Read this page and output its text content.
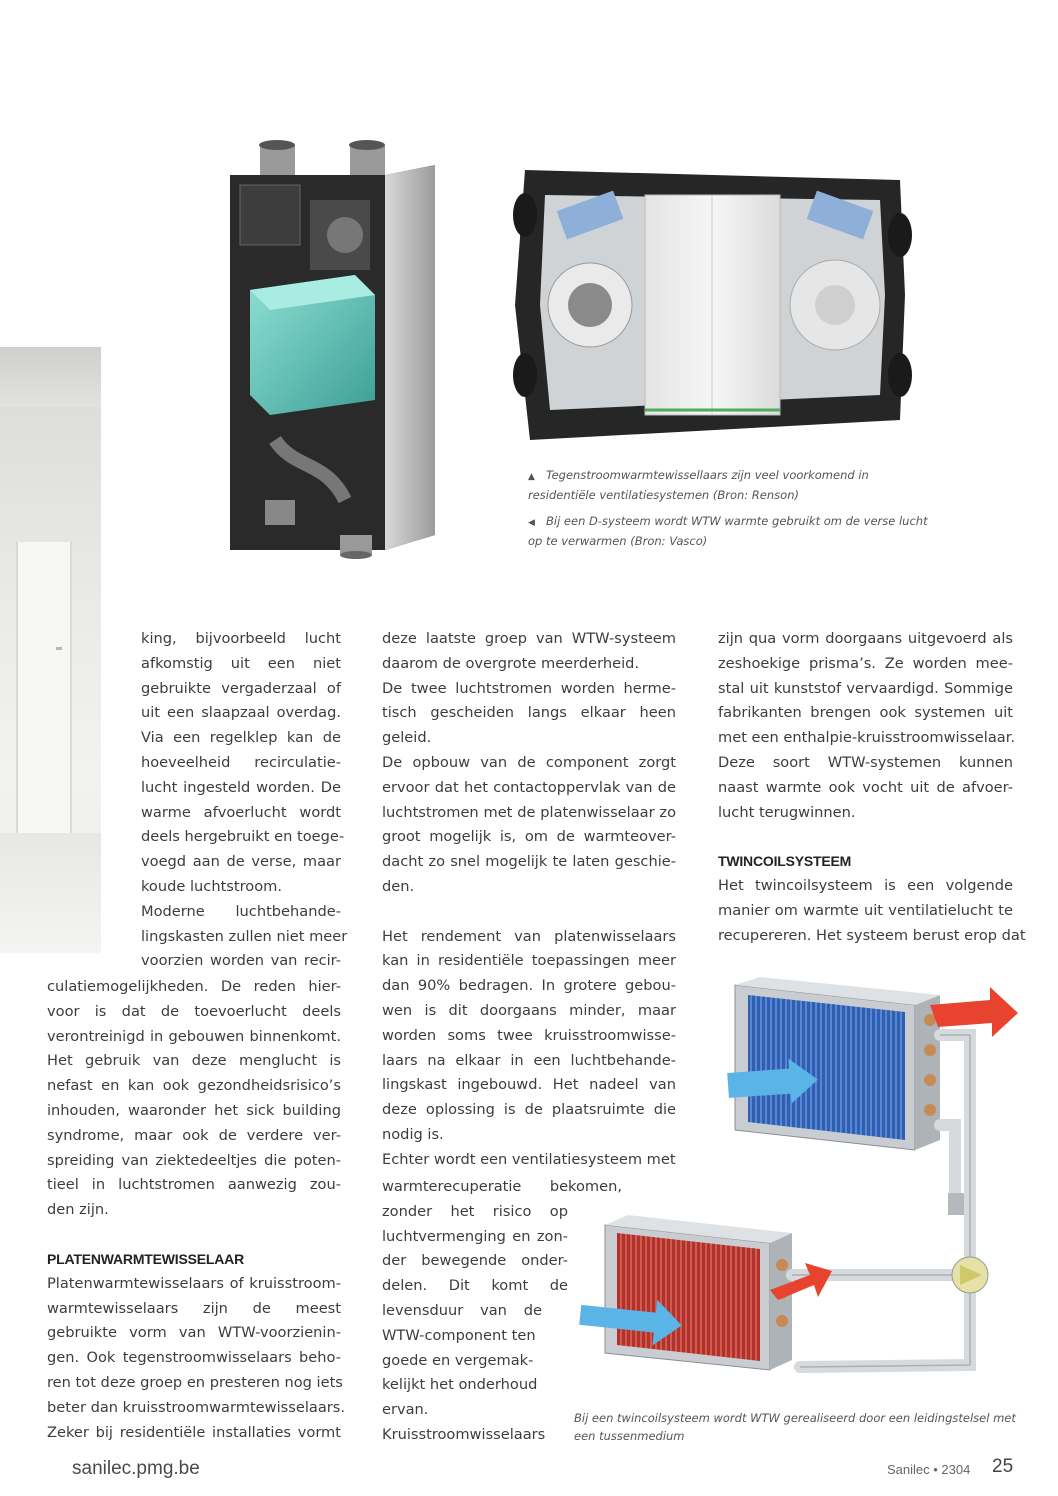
▲ Tegenstroomwarmtewissellaars zijn veel voorkomend in residentiële ventilatiesystemen (Bron: Renson)
◀ Bij een D-systeem wordt WTW warmte gebruikt om de verse lucht op te verwarmen (Bron: Vasco)
king, bijvoorbeeld lucht
afkomstig uit een niet
gebruikte vergaderzaal of
uit een slaapzaal overdag.
Via een regelklep kan de
hoeveelheid recirculatie-
lucht ingesteld worden. De
warme afvoerlucht wordt
deels hergebruikt en toege-
voegd aan de verse, maar
koude luchtstroom.
Moderne luchtbehande-
lingskasten zullen niet meer
voorzien worden van recir-
culatiemogelijkheden. De reden hier-
voor is dat de toevoerlucht deels
verontreinigd in gebouwen binnenkomt.
Het gebruik van deze menglucht is
nefast en kan ook gezondheidsrisico’s
inhouden, waaronder het sick building
syndrome, maar ook de verdere ver-
spreiding van ziektedeeltjes die poten-
tieel in luchtstromen aanwezig zou-
den zijn.
PLATENWARMTEWISSELAAR
Platenwarmtewisselaars of kruisstroom-
warmtewisselaars zijn de meest
gebruikte vorm van WTW-voorzienin-
gen. Ook tegenstroomwisselaars beho-
ren tot deze groep en presteren nog iets
beter dan kruisstroomwarmtewisselaars.
Zeker bij residentiële installaties vormt
deze laatste groep van WTW-systeem
daarom de overgrote meerderheid.
De twee luchtstromen worden herme-
tisch gescheiden langs elkaar heen
geleid.
De opbouw van de component zorgt
ervoor dat het contactoppervlak van de
luchtstromen met de platenwisselaar zo
groot mogelijk is, om de warmteover-
dacht zo snel mogelijk te laten geschie-
den.
Het rendement van platenwisselaars
kan in residentiële toepassingen meer
dan 90% bedragen. In grotere gebou-
wen is dit doorgaans minder, maar
worden soms twee kruisstroomwisse-
laars na elkaar in een luchtbehande-
lingskast ingebouwd. Het nadeel van
deze oplossing is de plaatsruimte die
nodig is.
Echter wordt een ventilatiesysteem met
warmterecuperatie bekomen,
zonder het risico op
luchtvermenging en zon-
der bewegende onder-
delen. Dit komt de
levensduur van de
WTW-component ten
goede en vergemak-
kelijkt het onderhoud
ervan.
Kruisstroomwisselaars
zijn qua vorm doorgaans uitgevoerd als
zeshoekige prisma’s. Ze worden mee-
stal uit kunststof vervaardigd. Sommige
fabrikanten brengen ook systemen uit
met een enthalpie-kruisstroomwisselaar.
Deze soort WTW-systemen kunnen
naast warmte ook vocht uit de afvoer-
lucht terugwinnen.
TWINCOILSYSTEEM
Het twincoilsysteem is een volgende
manier om warmte uit ventilatielucht te
recupereren. Het systeem berust erop dat
Bij een twincoilsysteem wordt WTW gerealiseerd door een leidingstelsel met een tussenmedium
sanilec.pmg.be	Sanilec • 2304 25
